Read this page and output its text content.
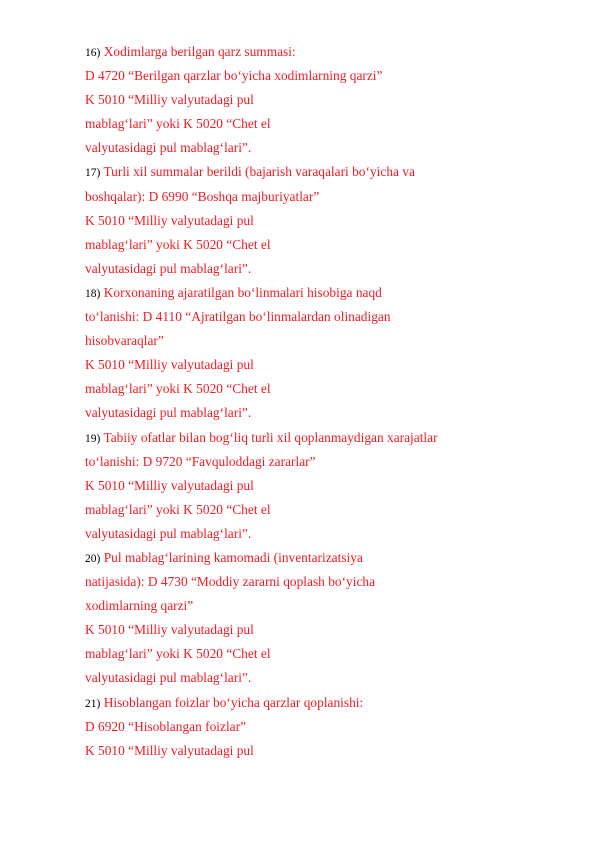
16) Xodimlarga berilgan qarz summasi:
D 4720 “Berilgan qarzlar bo‘yicha xodimlarning qarzi”
K 5010 “Milliy valyutadagi pul
mablag‘lari” yoki K 5020 “Chet el
valyutasidagi pul mablag‘lari”.
17) Turli xil summalar berildi (bajarish varaqalari bo‘yicha va
boshqalar): D 6990 “Boshqa majburiyatlar”
K 5010 “Milliy valyutadagi pul
mablag‘lari” yoki K 5020 “Chet el
valyutasidagi pul mablag‘lari”.
18) Korxonaning ajaratilgan bo‘linmalari hisobiga naqd
to‘lanishi: D 4110 “Ajratilgan bo‘linmalardan olinadigan
hisobvaraqlar”
K 5010 “Milliy valyutadagi pul
mablag‘lari” yoki K 5020 “Chet el
valyutasidagi pul mablag‘lari”.
19) Tabiiy ofatlar bilan bog‘liq turli xil qoplanmaydigan xarajatlar
to‘lanishi: D 9720 “Favquloddagi zararlar”
K 5010 “Milliy valyutadagi pul
mablag‘lari” yoki K 5020 “Chet el
valyutasidagi pul mablag‘lari”.
20) Pul mablag‘larining kamomadi (inventarizatsiya
natijasida): D 4730 “Moddiy zararni qoplash bo‘yicha
xodimlarning qarzi”
K 5010 “Milliy valyutadagi pul
mablag‘lari” yoki K 5020 “Chet el
valyutasidagi pul mablag‘lari”.
21) Hisoblangan foizlar bo‘yicha qarzlar qoplanishi:
D 6920 “Hisoblangan foizlar”
K 5010 “Milliy valyutadagi pul
